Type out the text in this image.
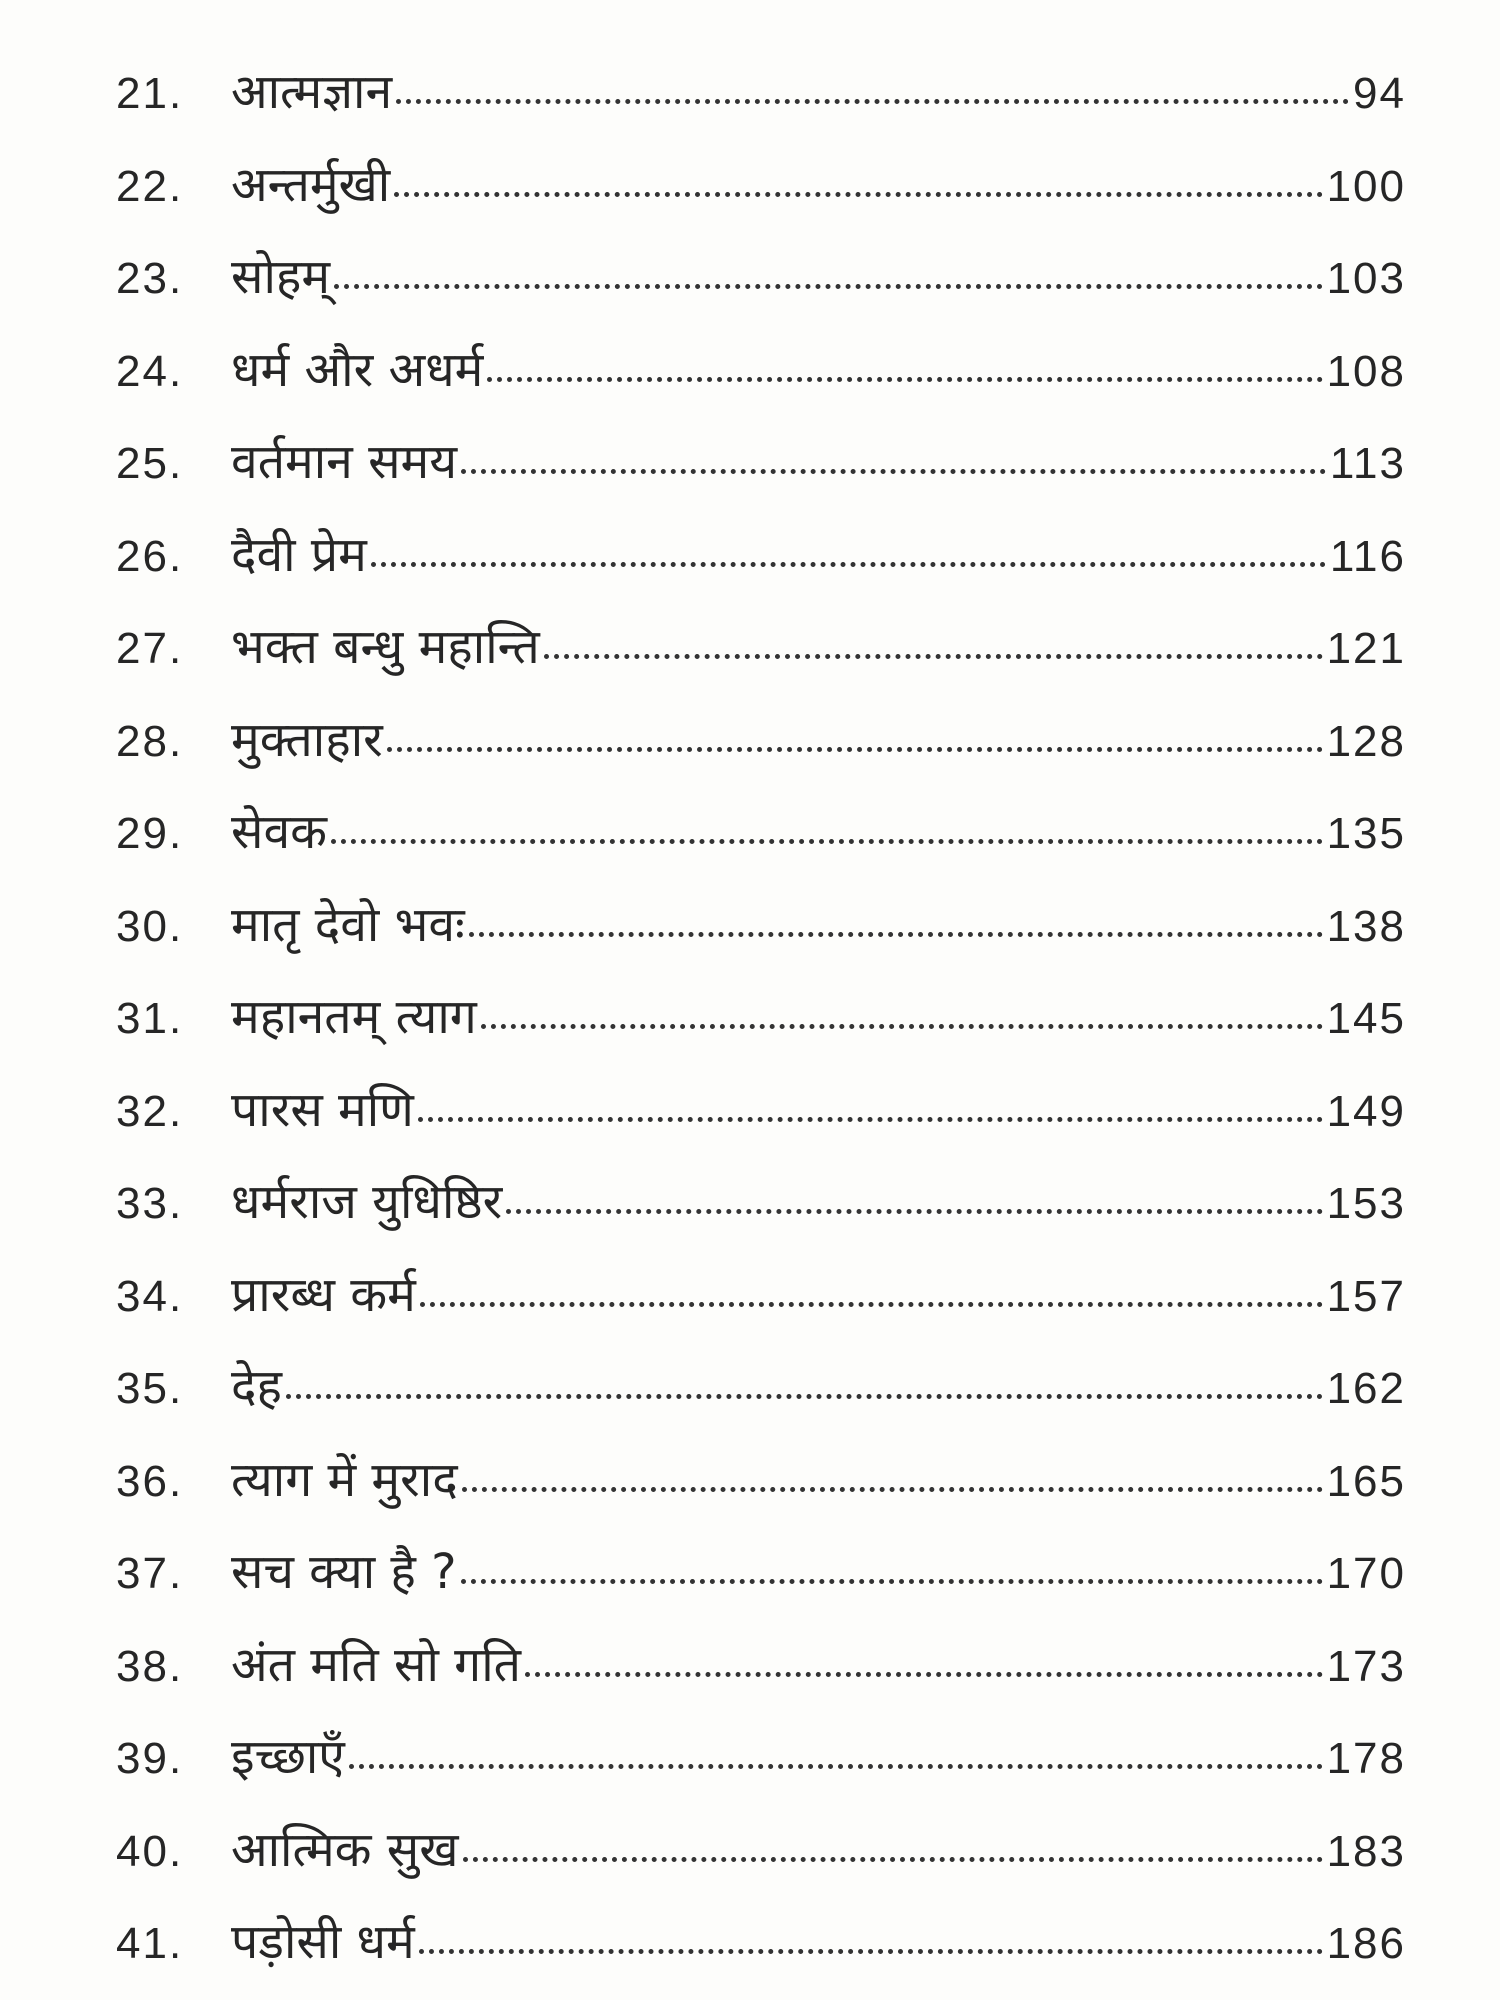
21. आत्मज्ञान	94
22. अन्तर्मुखी	100
23. सोहम्	103
24. धर्म और अधर्म	108
25. वर्तमान समय	113
26. दैवी प्रेम	116
27. भक्त बन्धु महान्ति	121
28. मुक्ताहार	128
29. सेवक	135
30. मातृ देवो भवः	138
31. महानतम् त्याग	145
32. पारस मणि	149
33. धर्मराज युधिष्ठिर	153
34. प्रारब्ध कर्म	157
35. देह	162
36. त्याग में मुराद	165
37. सच क्या है ?	170
38. अंत मति सो गति	173
39. इच्छाएँ	178
40. आत्मिक सुख	183
41. पड़ोसी धर्म	186
